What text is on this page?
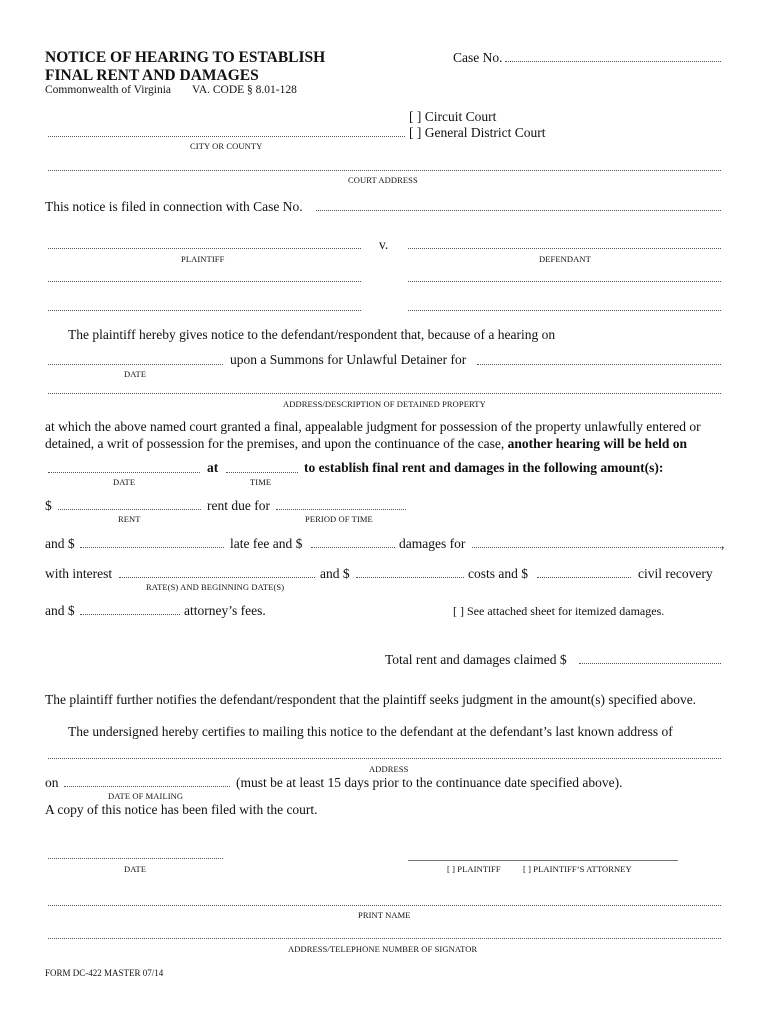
NOTICE OF HEARING TO ESTABLISH
FINAL RENT AND DAMAGES
Commonwealth of Virginia VA. CODE § 8.01-128
Case No.
[ ] Circuit Court
[ ] General District Court
CITY OR COUNTY
COURT ADDRESS
This notice is filed in connection with Case No.
v.
PLAINTIFF	DEFENDANT
The plaintiff hereby gives notice to the defendant/respondent that, because of a hearing on
upon a Summons for Unlawful Detainer for
DATE
ADDRESS/DESCRIPTION OF DETAINED PROPERTY
at which the above named court granted a final, appealable judgment for possession of the property unlawfully entered or
detained, a writ of possession for the premises, and upon the continuance of the case, another hearing will be held on
at	to establish final rent and damages in the following amount(s):
DATE	TIME
$	rent due for
RENT	PERIOD OF TIME
and $	late fee and $	damages for	,
with interest	and $	costs and $	civil recovery
RATE(S) AND BEGINNING DATE(S)
and $	attorney’s fees.	[ ] See attached sheet for itemized damages.
Total rent and damages claimed $
The plaintiff further notifies the defendant/respondent that the plaintiff seeks judgment in the amount(s) specified above.
The undersigned hereby certifies to mailing this notice to the defendant at the defendant’s last known address of
ADDRESS
on	(must be at least 15 days prior to the continuance date specified above).
DATE OF MAILING
A copy of this notice has been filed with the court.
DATE	[ ] PLAINTIFF	[ ] PLAINTIFF’S ATTORNEY
PRINT NAME
ADDRESS/TELEPHONE NUMBER OF SIGNATOR
FORM DC-422 MASTER 07/14
